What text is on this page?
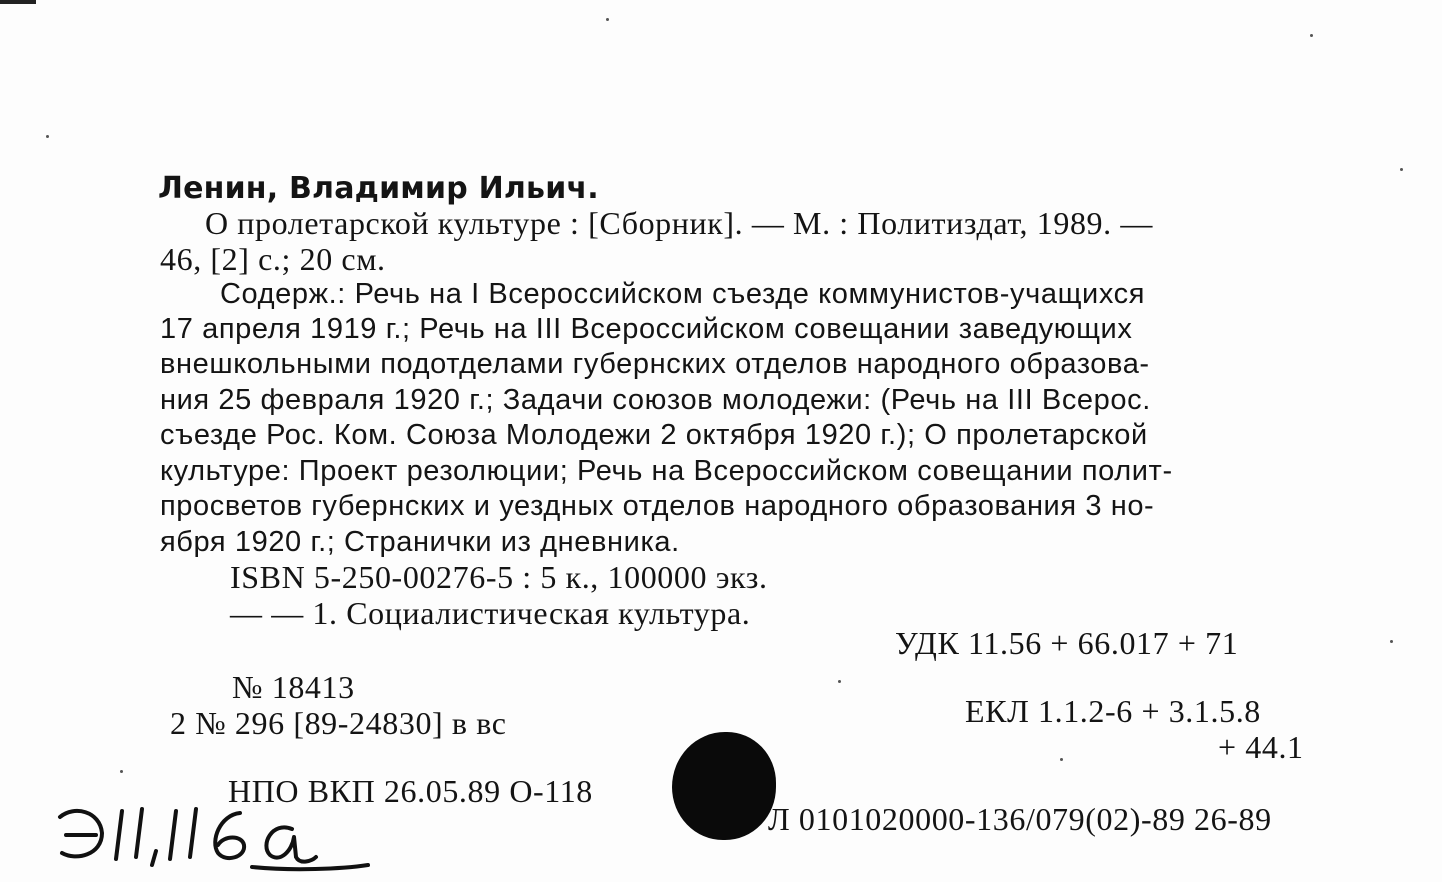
Ленин, Владимир Ильич.
О пролетарской культуре : [Сборник]. — М. : Политиздат, 1989. —
46, [2] с.; 20 см.
Содерж.: Речь на I Всероссийском съезде коммунистов-учащихся
17 апреля 1919 г.; Речь на III Всероссийском совещании заведующих
внешкольными подотделами губернских отделов народного образова-
ния 25 февраля 1920 г.; Задачи союзов молодежи: (Речь на III Всерос.
съезде Рос. Ком. Союза Молодежи 2 октября 1920 г.); О пролетарской
культуре: Проект резолюции; Речь на Всероссийском совещании полит-
просветов губернских и уездных отделов народного образования 3 но-
ября 1920 г.; Странички из дневника.
ISBN 5-250-00276-5 : 5 к., 100000 экз.
— — 1. Социалистическая культура.
УДК 11.56 + 66.017 + 71
№ 18413
2 № 296 [89-24830] в вс	ЕКЛ 1.1.2-6 + 3.1.5.8
+ 44.1
НПО ВКП 26.05.89 О-118
Л 0101020000-136/079(02)-89 26-89
